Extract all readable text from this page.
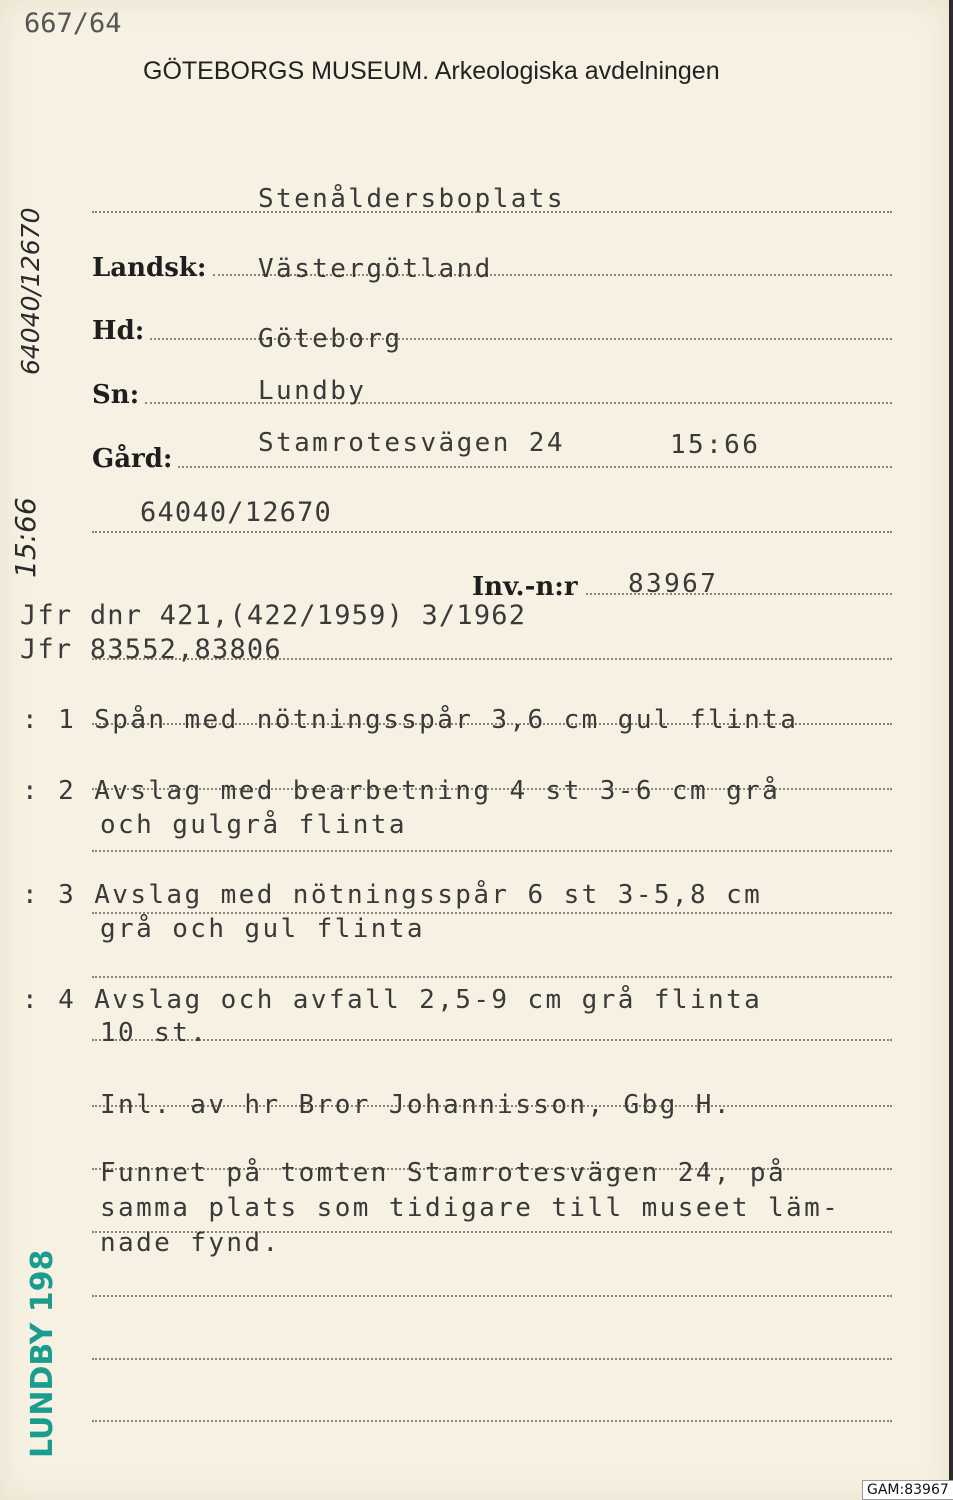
667/64
GÖTEBORGS MUSEUM. Arkeologiska avdelningen
Stenåldersboplats
Landsk: Västergötland
Hd:	Göteborg
Sn:	Lundby
Gård:
Stamrotesvägen 24	15:66
64040/12670
Inv.-n:r 83967
Jfr dnr 421,(422/1959) 3/1962
Jfr 83552,83806
: 1 Spån med nötningsspår 3,6 cm gul flinta
: 2 Avslag med bearbetning 4 st 3-6 cm grå
och gulgrå flinta
: 3 Avslag med nötningsspår 6 st 3-5,8 cm
grå och gul flinta
: 4 Avslag och avfall 2,5-9 cm grå flinta
10 st.
Inl. av hr Bror Johannisson, Gbg H.
Funnet på tomten Stamrotesvägen 24, på
samma plats som tidigare till museet läm-
nade fynd.
64040/12670
15:66
LUNDBY 198
GAM:83967
